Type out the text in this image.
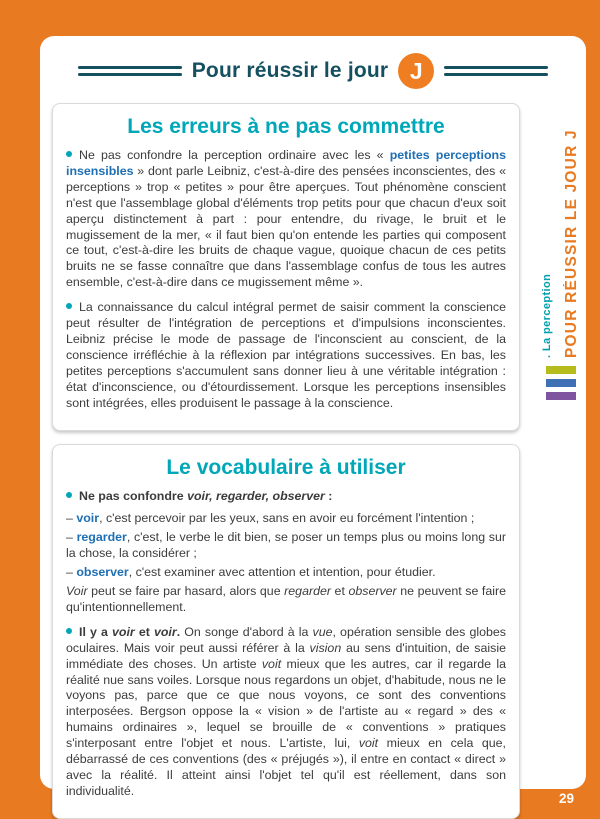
Pour réussir le jour J
Les erreurs à ne pas commettre

Ne pas confondre la perception ordinaire avec les « petites perceptions insensibles » dont parle Leibniz, c'est-à-dire des pensées inconscientes, des « perceptions » trop « petites » pour être aperçues. Tout phénomène conscient n'est que l'assemblage global d'éléments trop petits pour que chacun d'eux soit aperçu distinctement à part : pour entendre, du rivage, le bruit et le mugissement de la mer, « il faut bien qu'on entende les parties qui composent ce tout, c'est-à-dire les bruits de chaque vague, quoique chacun de ces petits bruits ne se fasse connaître que dans l'assemblage confus de tous les autres ensemble, c'est-à-dire dans ce mugissement même ».

La connaissance du calcul intégral permet de saisir comment la conscience peut résulter de l'intégration de perceptions et d'impulsions inconscientes. Leibniz précise le mode de passage de l'inconscient au conscient, de la conscience irréfléchie à la réflexion par intégrations successives. En bas, les petites perceptions s'accumulent sans donner lieu à une véritable intégration : état d'inconscience, ou d'étourdissement. Lorsque les perceptions insensibles sont intégrées, elles produisent le passage à la conscience.

Le vocabulaire à utiliser

Ne pas confondre voir, regarder, observer :

– voir, c'est percevoir par les yeux, sans en avoir eu forcément l'intention ;

– regarder, c'est, le verbe le dit bien, se poser un temps plus ou moins long sur la chose, la considérer ;

– observer, c'est examiner avec attention et intention, pour étudier.

Voir peut se faire par hasard, alors que regarder et observer ne peuvent se faire qu'intentionnellement.

Il y a voir et voir. On songe d'abord à la vue, opération sensible des globes oculaires. Mais voir peut aussi référer à la vision au sens d'intuition, de saisie immédiate des choses. Un artiste voit mieux que les autres, car il regarde la réalité nue sans voiles. Lorsque nous regardons un objet, d'habitude, nous ne le voyons pas, parce que ce que nous voyons, ce sont des conventions interposées. Bergson oppose la « vision » de l'artiste au « regard » des « humains ordinaires », lequel se brouille de « conventions » pratiques s'interposant entre l'objet et nous. L'artiste, lui, voit mieux en cela que, débarrassé de ces conventions (des « préjugés »), il entre en contact « direct » avec la réalité. Il atteint ainsi l'objet tel qu'il est réellement, dans son individualité.

POUR RÉUSSIR LE JOUR J
. La perception
29
